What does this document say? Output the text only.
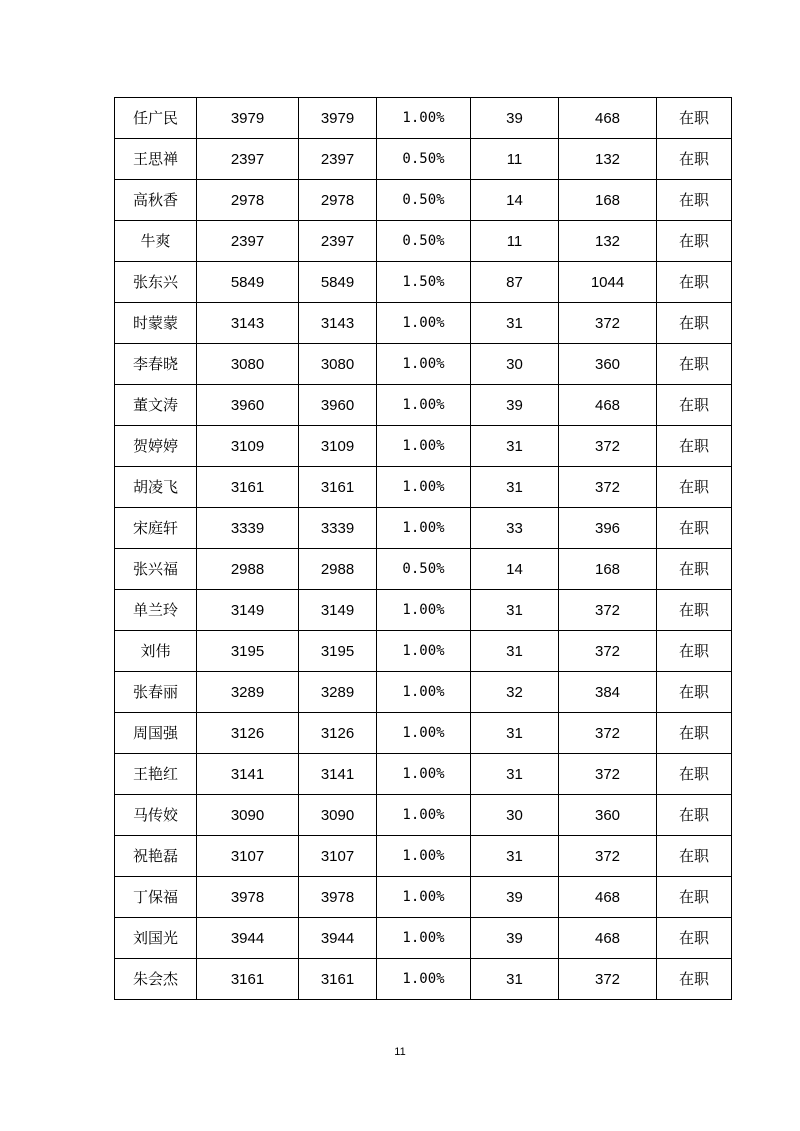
任广民	3979	3979	1.00%	39	468	在职
王思禅	2397	2397	0.50%	11	132	在职
高秋香	2978	2978	0.50%	14	168	在职
牛爽	2397	2397	0.50%	11	132	在职
张东兴	5849	5849	1.50%	87	1044	在职
时蒙蒙	3143	3143	1.00%	31	372	在职
李春晓	3080	3080	1.00%	30	360	在职
董文涛	3960	3960	1.00%	39	468	在职
贺婷婷	3109	3109	1.00%	31	372	在职
胡凌飞	3161	3161	1.00%	31	372	在职
宋庭轩	3339	3339	1.00%	33	396	在职
张兴福	2988	2988	0.50%	14	168	在职
单兰玲	3149	3149	1.00%	31	372	在职
刘伟	3195	3195	1.00%	31	372	在职
张春丽	3289	3289	1.00%	32	384	在职
周国强	3126	3126	1.00%	31	372	在职
王艳红	3141	3141	1.00%	31	372	在职
马传姣	3090	3090	1.00%	30	360	在职
祝艳磊	3107	3107	1.00%	31	372	在职
丁保福	3978	3978	1.00%	39	468	在职
刘国光	3944	3944	1.00%	39	468	在职
朱会杰	3161	3161	1.00%	31	372	在职
11
